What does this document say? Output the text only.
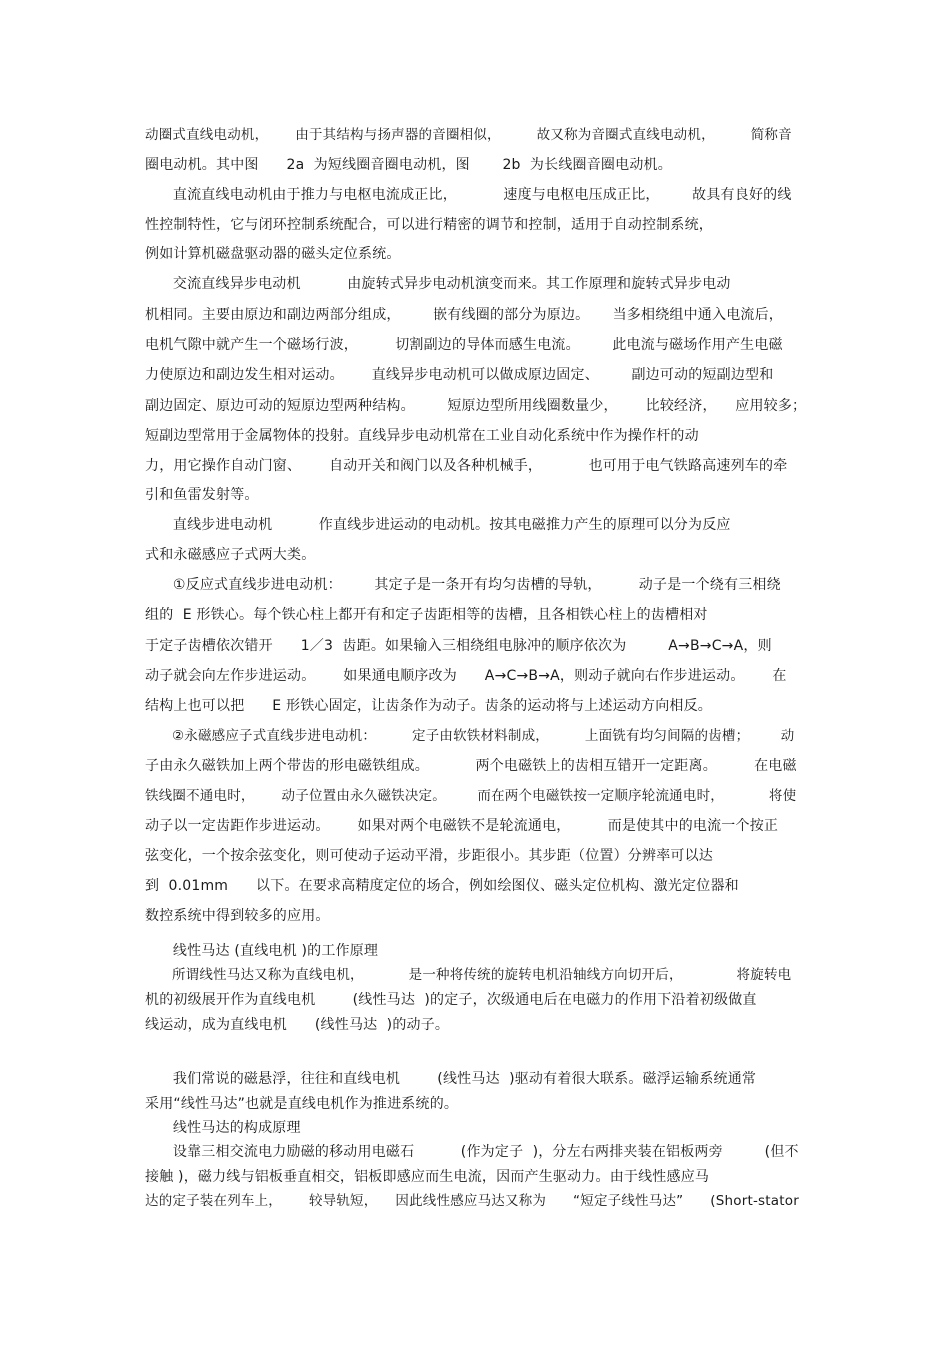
动圈式直线电动机，      由于其结构与扬声器的音圈相似，        故又称为音圈式直线电动机，        简称音
圈电动机。其中图      2a  为短线圈音圈电动机，图       2b  为长线圈音圈电动机。
直流直线电动机由于推力与电枢电流成正比，          速度与电枢电压成正比，       故具有良好的线
性控制特性，它与闭环控制系统配合，可以进行精密的调节和控制，适用于自动控制系统，
例如计算机磁盘驱动器的磁头定位系统。
交流直线异步电动机          由旋转式异步电动机演变而来。其工作原理和旋转式异步电动
机相同。主要由原边和副边两部分组成，       嵌有线圈的部分为原边。     当多相绕组中通入电流后，
电机气隙中就产生一个磁场行波，        切割副边的导体而感生电流。       此电流与磁场作用产生电磁
力使原边和副边发生相对运动。      直线异步电动机可以做成原边固定、       副边可动的短副边型和
副边固定、原边可动的短原边型两种结构。       短原边型所用线圈数量少，      比较经济，    应用较多；
短副边型常用于金属物体的投射。直线异步电动机常在工业自动化系统中作为操作杆的动
力，用它操作自动门窗、      自动开关和阀门以及各种机械手，          也可用于电气铁路高速列车的牵
引和鱼雷发射等。
直线步进电动机          作直线步进运动的电动机。按其电磁推力产生的原理可以分为反应
式和永磁感应子式两大类。
①反应式直线步进电动机：       其定子是一条开有均匀齿槽的导轨，        动子是一个绕有三相绕
组的  E 形铁心。每个铁心柱上都开有和定子齿距相等的齿槽，且各相铁心柱上的齿槽相对
于定子齿槽依次错开      1／3  齿距。如果输入三相绕组电脉冲的顺序依次为         A→B→C→A，则
动子就会向左作步进运动。      如果通电顺序改为      A→C→B→A，则动子就向右作步进运动。      在
结构上也可以把      E 形铁心固定，让齿条作为动子。齿条的运动将与上述运动方向相反。
②永磁感应子式直线步进电动机：        定子由软铁材料制成，        上面铣有均匀间隔的齿槽；       动
子由永久磁铁加上两个带齿的形电磁铁组成。          两个电磁铁上的齿相互错开一定距离。        在电磁
铁线圈不通电时，      动子位置由永久磁铁决定。       而在两个电磁铁按一定顺序轮流通电时，          将使
动子以一定齿距作步进运动。      如果对两个电磁铁不是轮流通电，        而是使其中的电流一个按正
弦变化，一个按余弦变化，则可使动子运动平滑，步距很小。其步距（位置）分辨率可以达
到  0.01mm      以下。在要求高精度定位的场合，例如绘图仪、磁头定位机构、激光定位器和
数控系统中得到较多的应用。
线性马达 (直线电机 )的工作原理
所谓线性马达又称为直线电机，          是一种将传统的旋转电机沿轴线方向切开后，            将旋转电
机的初级展开作为直线电机        (线性马达  )的定子，次级通电后在电磁力的作用下沿着初级做直
线运动，成为直线电机      (线性马达  )的动子。
我们常说的磁悬浮，往往和直线电机        (线性马达  )驱动有着很大联系。磁浮运输系统通常
采用“线性马达”也就是直线电机作为推进系统的。
线性马达的构成原理
设靠三相交流电力励磁的移动用电磁石          (作为定子  )，分左右两排夹装在铝板两旁         (但不
接触 )，磁力线与铝板垂直相交，铝板即感应而生电流，因而产生驱动力。由于线性感应马
达的定子装在列车上，      较导轨短，    因此线性感应马达又称为      “短定子线性马达”      (Short-stator
